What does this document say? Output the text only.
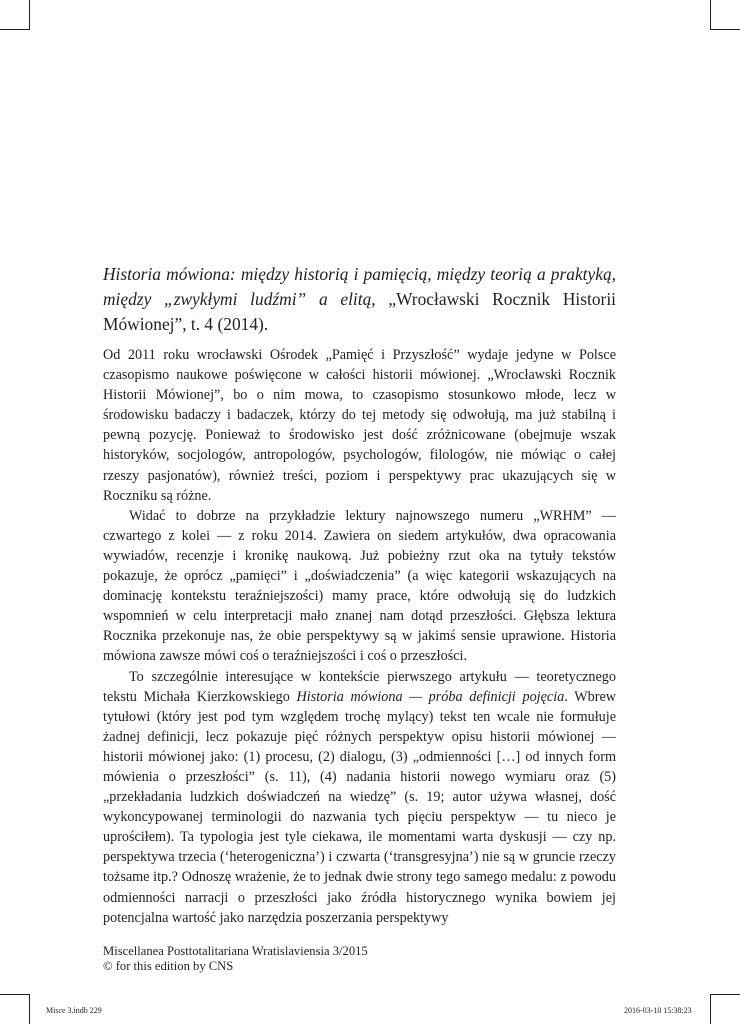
Historia mówiona: między historią i pamięcią, między teorią a praktyką, między „zwykłymi ludźmi” a elitą, „Wrocławski Rocznik Historii Mówionej”, t. 4 (2014).

Od 2011 roku wrocławski Ośrodek „Pamięć i Przyszłość” wydaje jedyne w Polsce czasopismo naukowe poświęcone w całości historii mówionej. „Wrocławski Rocznik Historii Mówionej”, bo o nim mowa, to czasopismo stosunkowo młode, lecz w środowisku badaczy i badaczek, którzy do tej metody się odwołują, ma już stabilną i pewną pozycję. Ponieważ to środowisko jest dość zróżnicowane (obejmuje wszak historyków, socjologów, antropologów, psychologów, filologów, nie mówiąc o całej rzeszy pasjonatów), również treści, poziom i perspektywy prac ukazujących się w Roczniku są różne.

Widać to dobrze na przykładzie lektury najnowszego numeru „WRHM” — czwartego z kolei — z roku 2014. Zawiera on siedem artykułów, dwa opracowania wywiadów, recenzje i kronikę naukową. Już pobieżny rzut oka na tytuły tekstów pokazuje, że oprócz „pamięci” i „doświadczenia” (a więc kategorii wskazujących na dominację kontekstu teraźniejszości) mamy prace, które odwołują się do ludzkich wspomnień w celu interpretacji mało znanej nam dotąd przeszłości. Głębsza lektura Rocznika przekonuje nas, że obie perspektywy są w jakimś sensie uprawione. Historia mówiona zawsze mówi coś o teraźniejszości i coś o przeszłości.

To szczególnie interesujące w kontekście pierwszego artykułu — teoretycznego tekstu Michała Kierzkowskiego Historia mówiona — próba definicji pojęcia. Wbrew tytułowi (który jest pod tym względem trochę mylący) tekst ten wcale nie formułuje żadnej definicji, lecz pokazuje pięć różnych perspektyw opisu historii mówionej — historii mówionej jako: (1) procesu, (2) dialogu, (3) „odmienności […] od innych form mówienia o przeszłości” (s. 11), (4) nadania historii nowego wymiaru oraz (5) „przekładania ludzkich doświadczeń na wiedzę” (s. 19; autor używa własnej, dość wykoncypowanej terminologii do nazwania tych pięciu perspektyw — tu nieco je uprościłem). Ta typologia jest tyle ciekawa, ile momentami warta dyskusji — czy np. perspektywa trzecia (‘heterogeniczna’) i czwarta (‘transgresyjna’) nie są w gruncie rzeczy tożsame itp.? Odnoszę wrażenie, że to jednak dwie strony tego samego medalu: z powodu odmienności narracji o przeszłości jako źródła historycznego wynika bowiem jej potencjalna wartość jako narzędzia poszerzania perspektywy

Miscellanea Posttotalitariana Wratislaviensia 3/2015
© for this edition by CNS
Misce 3.indb 229	2016-03-10 15:38:23
